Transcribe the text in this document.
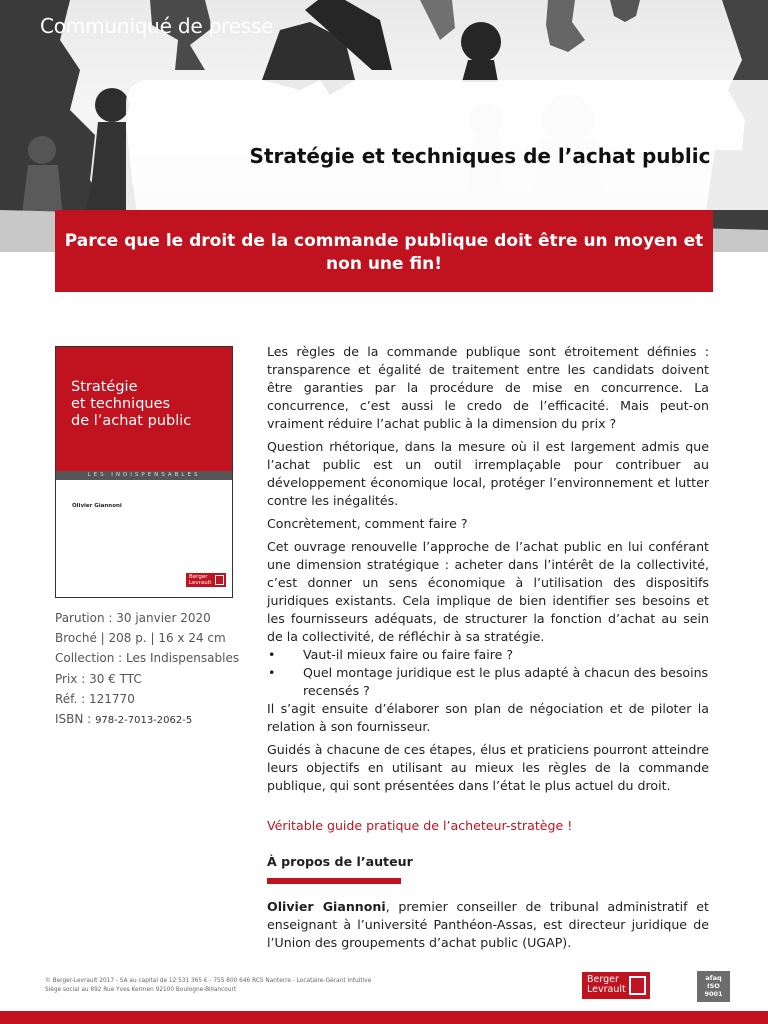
Communiqué de presse
Stratégie et techniques de l’achat public
Parce que le droit de la commande publique doit être un moyen et non une fin!
Stratégie
et techniques
de l’achat public
LES INDISPENSABLES
Olivier Giannoni
Berger
Levrault
Parution : 30 janvier 2020
Broché | 208 p. | 16 x 24 cm
Collection : Les Indispensables
Prix : 30 € TTC
Réf. : 121770
ISBN : 978-2-7013-2062-5

Les règles de la commande publique sont étroitement définies : transparence et égalité de traitement entre les candidats doivent être garanties par la procédure de mise en concurrence. La concurrence, c’est aussi le credo de l’efficacité. Mais peut-on vraiment réduire l’achat public à la dimension du prix ?

Question rhétorique, dans la mesure où il est largement admis que l’achat public est un outil irremplaçable pour contribuer au développement économique local, protéger l’environnement et lutter contre les inégalités.

Concrètement, comment faire ?

Cet ouvrage renouvelle l’approche de l’achat public en lui conférant une dimension stratégique : acheter dans l’intérêt de la collectivité, c’est donner un sens économique à l’utilisation des dispositifs juridiques existants. Cela implique de bien identifier ses besoins et les fournisseurs adéquats, de structurer la fonction d’achat au sein de la collectivité, de réfléchir à sa stratégie.

• Vaut-il mieux faire ou faire faire ?
• Quel montage juridique est le plus adapté à chacun des besoins recensés ?

Il s’agit ensuite d’élaborer son plan de négociation et de piloter la relation à son fournisseur.

Guidés à chacune de ces étapes, élus et praticiens pourront atteindre leurs objectifs en utilisant au mieux les règles de la commande publique, qui sont présentées dans l’état le plus actuel du droit.

Véritable guide pratique de l’acheteur-stratège !

À propos de l’auteur

Olivier Giannoni, premier conseiller de tribunal administratif et enseignant à l’université Panthéon-Assas, est directeur juridique de l’Union des groupements d’achat public (UGAP).

© Berger-Levrault 2017 - SA au capital de 12 531 365 € - 755 800 646 RCS Nanterre - Locataire-Gérant Intuitive
Siège social au 892 Rue Yves Kermen 92100 Boulogne-Billancourt
Berger
Levrault
afaq
ISO 9001
